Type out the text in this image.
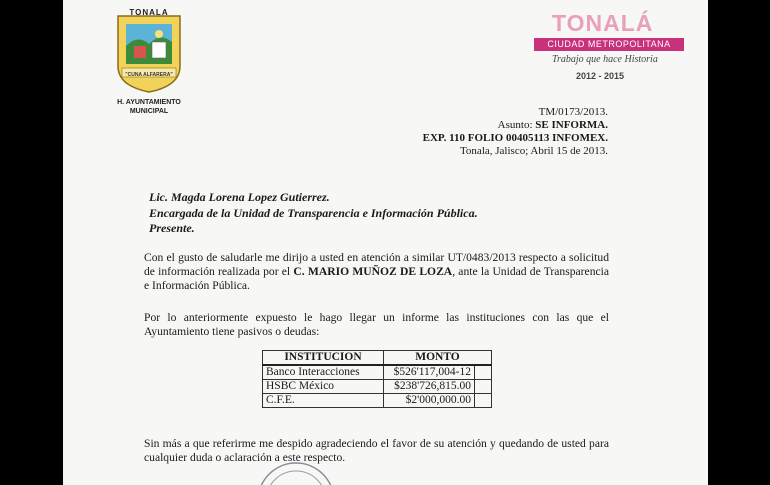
TONALA
"CUNA ALFARERA"
H. AYUNTAMIENTO
MUNICIPAL
TONALÁ
CIUDAD METROPOLITANA
Trabajo que hace Historia
2012 - 2015
TM/0173/2013.
Asunto: SE INFORMA.
EXP. 110 FOLIO 00405113 INFOMEX.
Tonala, Jalisco; Abril 15 de 2013.
Lic. Magda Lorena Lopez Gutierrez.
Encargada de la Unidad de Transparencia e Información Pública.
Presente.
Con el gusto de saludarle me dirijo a usted en atención a similar UT/0483/2013 respecto a solicitud de información realizada por el C. MARIO MUÑOZ DE LOZA, ante la Unidad de Transparencia e Información Pública.
Por lo anteriormente expuesto le hago llegar un informe las instituciones con las que el Ayuntamiento tiene pasivos o deudas:
INSTITUCION	MONTO	
Banco Interacciones	$526'117,004-12	
HSBC México	$238'726,815.00	
C.F.E.	$2'000,000.00	
Sin más a que referirme me despido agradeciendo el favor de su atención y quedando de usted para cualquier duda o aclaración a este respecto.
